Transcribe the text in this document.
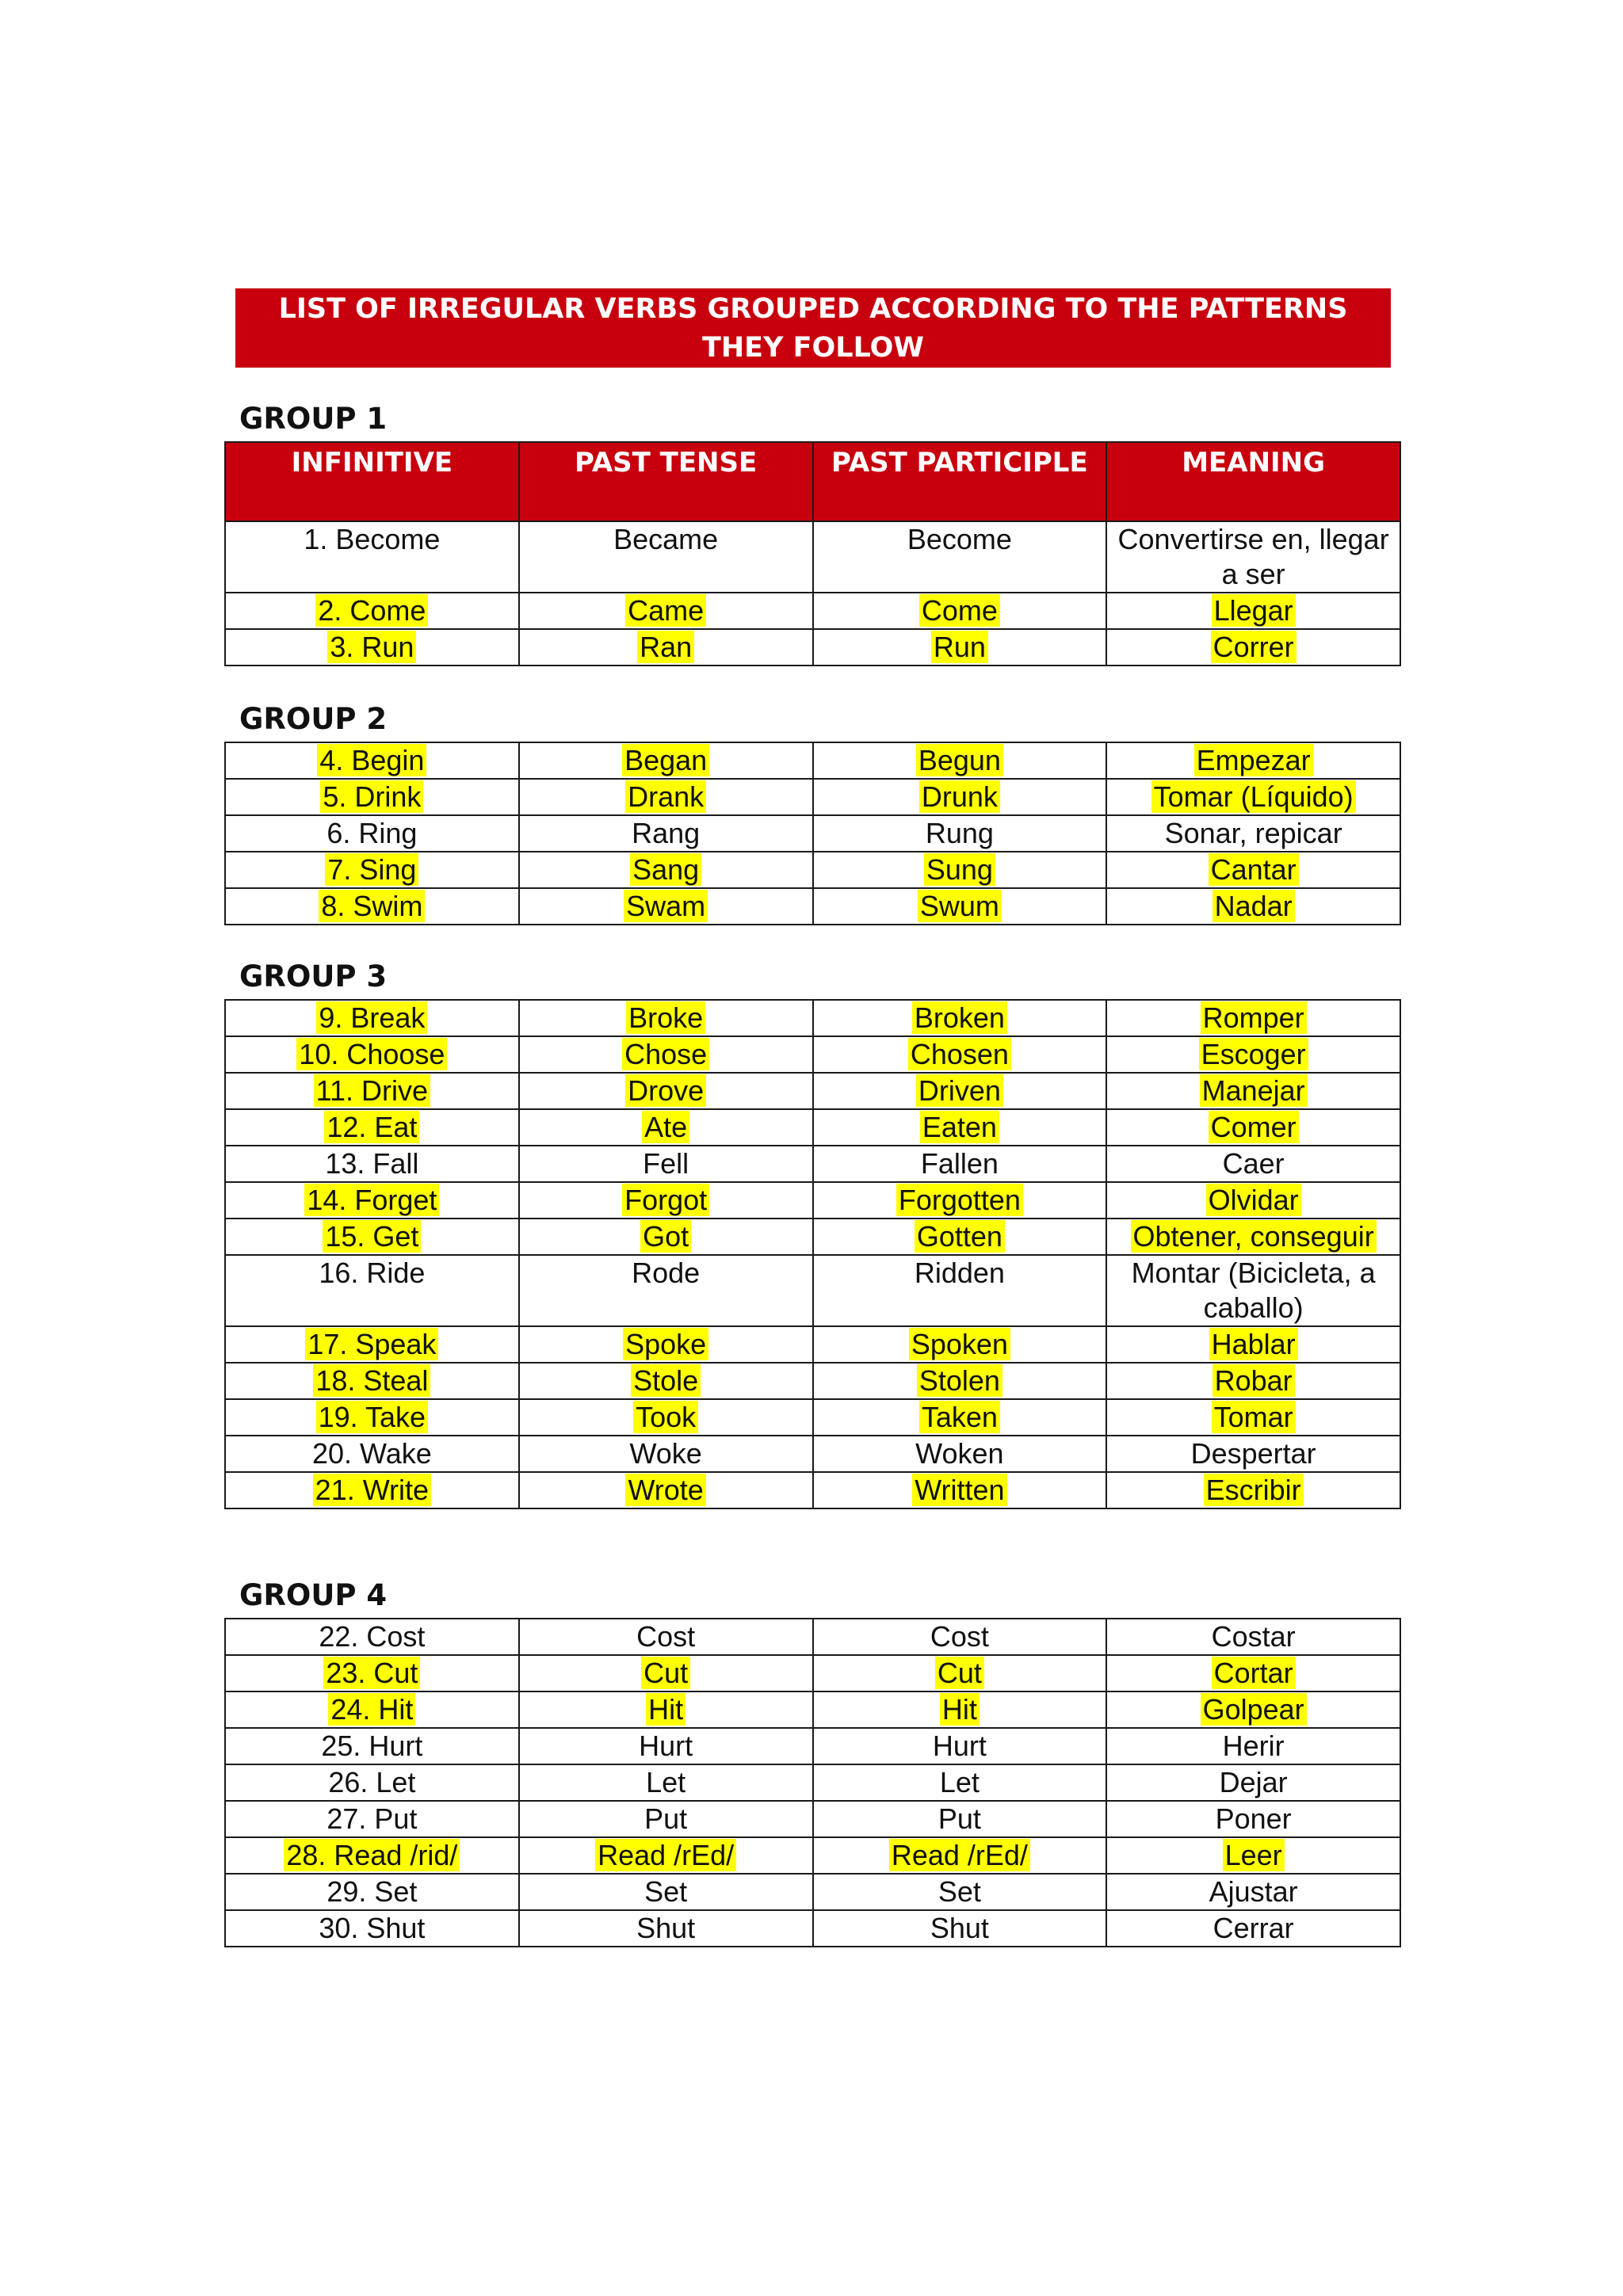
LIST OF IRREGULAR VERBS GROUPED ACCORDING TO THE PATTERNS
THEY FOLLOW
GROUP 1
INFINITIVE	PAST TENSE	PAST PARTICIPLE	MEANING
1. Become	Became	Become	Convertirse en, llegar a ser
2. Come	Came	Come	Llegar
3. Run	Ran	Run	Correr
GROUP 2
4. Begin	Began	Begun	Empezar
5. Drink	Drank	Drunk	Tomar (Líquido)
6. Ring	Rang	Rung	Sonar, repicar
7. Sing	Sang	Sung	Cantar
8. Swim	Swam	Swum	Nadar
GROUP 3
9. Break	Broke	Broken	Romper
10. Choose	Chose	Chosen	Escoger
11. Drive	Drove	Driven	Manejar
12. Eat	Ate	Eaten	Comer
13. Fall	Fell	Fallen	Caer
14. Forget	Forgot	Forgotten	Olvidar
15. Get	Got	Gotten	Obtener, conseguir
16. Ride	Rode	Ridden	Montar (Bicicleta, a caballo)
17. Speak	Spoke	Spoken	Hablar
18. Steal	Stole	Stolen	Robar
19. Take	Took	Taken	Tomar
20. Wake	Woke	Woken	Despertar
21. Write	Wrote	Written	Escribir
GROUP 4
22. Cost	Cost	Cost	Costar
23. Cut	Cut	Cut	Cortar
24. Hit	Hit	Hit	Golpear
25. Hurt	Hurt	Hurt	Herir
26. Let	Let	Let	Dejar
27. Put	Put	Put	Poner
28. Read /rid/	Read /rEd/	Read /rEd/	Leer
29. Set	Set	Set	Ajustar
30. Shut	Shut	Shut	Cerrar
